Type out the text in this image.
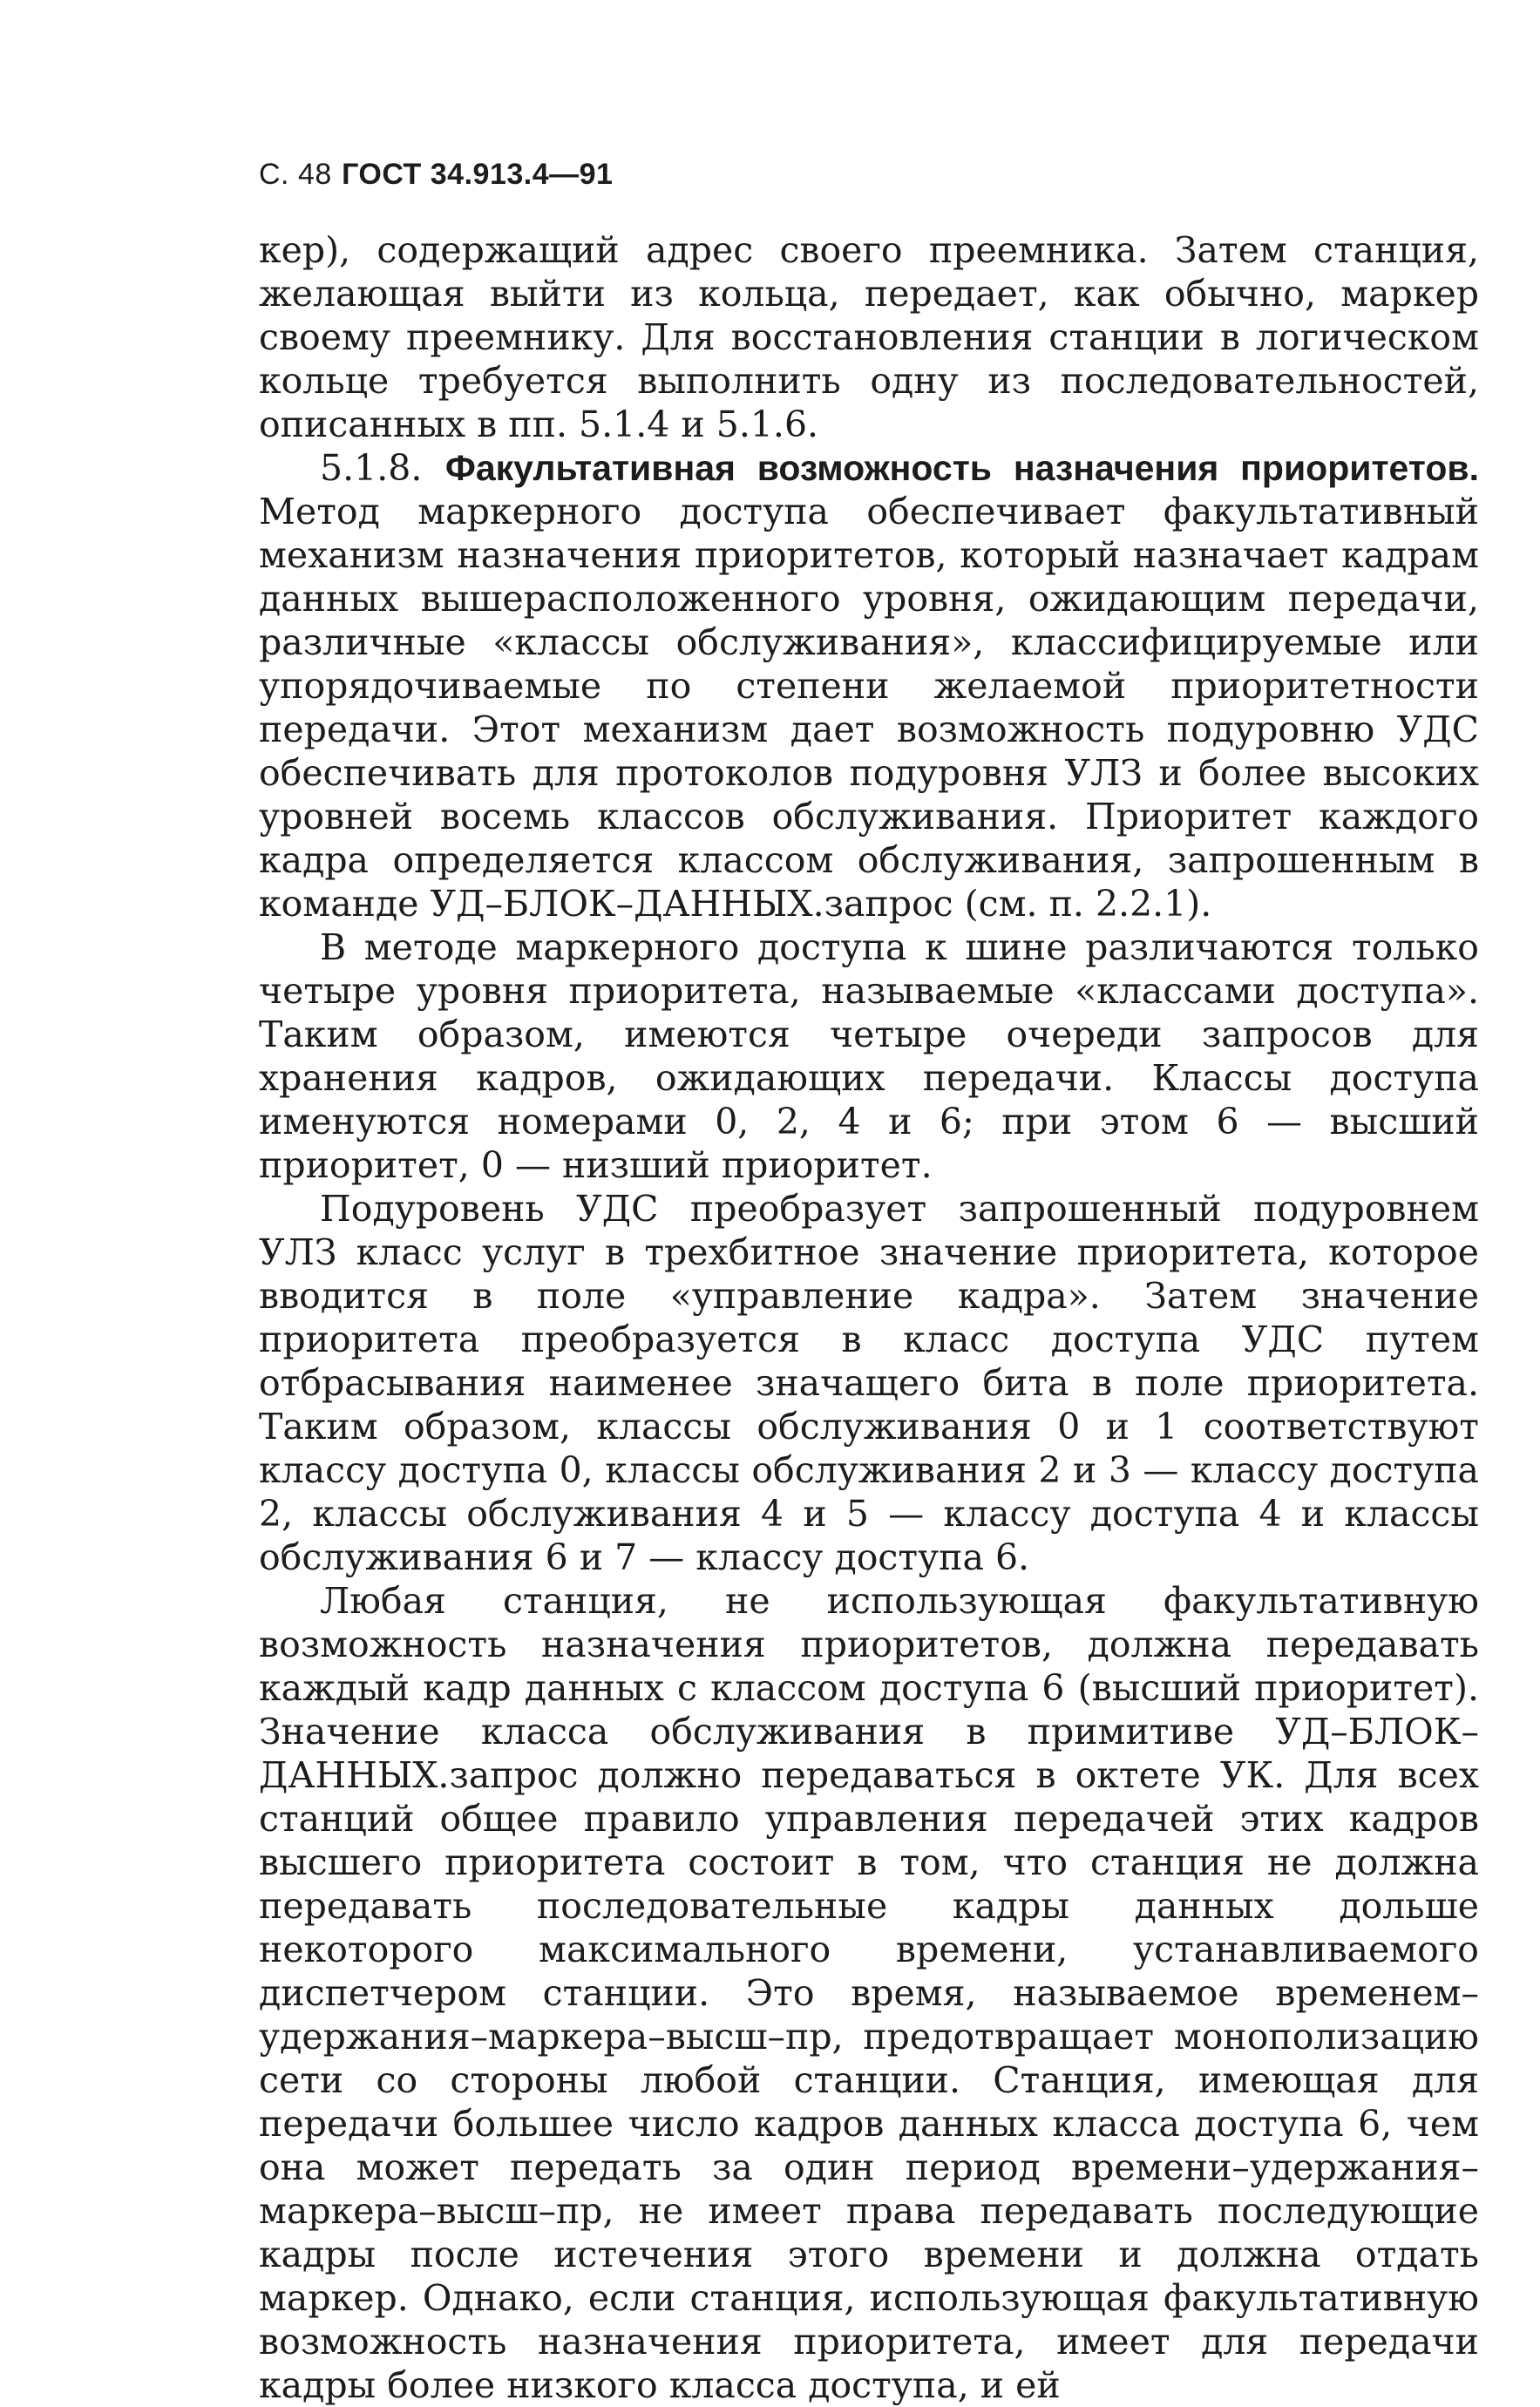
С. 48 ГОСТ 34.913.4—91

кер), содержащий адрес своего преемника. Затем станция, желающая выйти из кольца, передает, как обычно, маркер своему преемнику. Для восстановления станции в логическом кольце требуется выполнить одну из последовательностей, описанных в пп. 5.1.4 и 5.1.6.

5.1.8. Факультативная возможность назначения приоритетов. Метод маркерного доступа обеспечивает факультативный механизм назначения приоритетов, который назначает кадрам данных вышерасположенного уровня, ожидающим передачи, различные «классы обслуживания», классифицируемые или упорядочиваемые по степени желаемой приоритетности передачи. Этот механизм дает возможность подуровню УДС обеспечивать для протоколов подуровня УЛЗ и более высоких уровней восемь классов обслуживания. Приоритет каждого кадра определяется классом обслуживания, запрошенным в команде УД–БЛОК–ДАННЫХ.запрос (см. п. 2.2.1).

В методе маркерного доступа к шине различаются только четыре уровня приоритета, называемые «классами доступа». Таким образом, имеются четыре очереди запросов для хранения кадров, ожидающих передачи. Классы доступа именуются номерами 0, 2, 4 и 6; при этом 6 — высший приоритет, 0 — низший приоритет.

Подуровень УДС преобразует запрошенный подуровнем УЛЗ класс услуг в трехбитное значение приоритета, которое вводится в поле «управление кадра». Затем значение приоритета преобразуется в класс доступа УДС путем отбрасывания наименее значащего бита в поле приоритета. Таким образом, классы обслуживания 0 и 1 соответствуют классу доступа 0, классы обслуживания 2 и 3 — классу доступа 2, классы обслуживания 4 и 5 — классу доступа 4 и классы обслуживания 6 и 7 — классу доступа 6.

Любая станция, не использующая факультативную возможность назначения приоритетов, должна передавать каждый кадр данных с классом доступа 6 (высший приоритет). Значение класса обслуживания в примитиве УД–БЛОК–ДАННЫХ.запрос должно передаваться в октете УК. Для всех станций общее правило управления передачей этих кадров высшего приоритета состоит в том, что станция не должна передавать последовательные кадры данных дольше некоторого максимального времени, устанавливаемого диспетчером станции. Это время, называемое временем–удержания–маркера–высш–пр, предотвращает монополизацию сети со стороны любой станции. Станция, имеющая для передачи большее число кадров данных класса доступа 6, чем она может передать за один период времени–удержания–маркера–высш–пр, не имеет права передавать последующие кадры после истечения этого времени и должна отдать маркер. Однако, если станция, использующая факультативную возможность назначения приоритета, имеет для передачи кадры более низкого класса доступа, и ей
